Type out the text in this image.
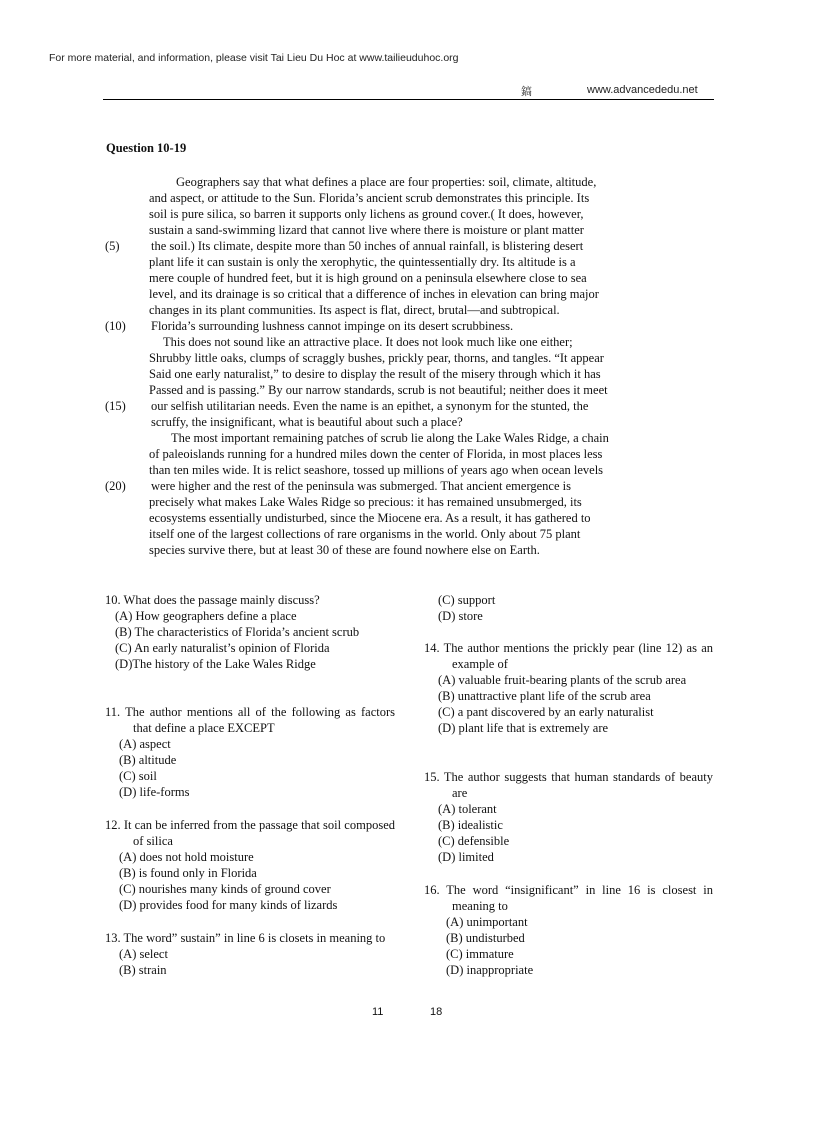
For more material, and information, please visit Tai Lieu Du Hoc at www.tailieuduhoc.org
鎬	www.advancededu.net
Question 10-19
Geographers say that what defines a place are four properties: soil, climate, altitude,
and aspect, or attitude to the Sun. Florida’s ancient scrub demonstrates this principle. Its
soil is pure silica, so barren it supports only lichens as ground cover.( It does, however,
sustain a sand-swimming lizard that cannot live where there is moisture or plant matter
the soil.) Its climate, despite more than 50 inches of annual rainfall, is blistering desert
plant life it can sustain is only the xerophytic, the quintessentially dry. Its altitude is a
mere couple of hundred feet, but it is high ground on a peninsula elsewhere close to sea
level, and its drainage is so critical that a difference of inches in elevation can bring major
changes in its plant communities. Its aspect is flat, direct, brutal—and subtropical.
Florida’s surrounding lushness cannot impinge on its desert scrubbiness.
This does not sound like an attractive place. It does not look much like one either;
Shrubby little oaks, clumps of scraggly bushes, prickly pear, thorns, and tangles. “It appear
Said one early naturalist,” to desire to display the result of the misery through which it has
Passed and is passing.” By our narrow standards, scrub is not beautiful; neither does it meet
our selfish utilitarian needs. Even the name is an epithet, a synonym for the stunted, the
scruffy, the insignificant, what is beautiful about such a place?
The most important remaining patches of scrub lie along the Lake Wales Ridge, a chain
of paleoislands running for a hundred miles down the center of Florida, in most places less
than ten miles wide. It is relict seashore, tossed up millions of years ago when ocean levels
were higher and the rest of the peninsula was submerged. That ancient emergence is
precisely what makes Lake Wales Ridge so precious: it has remained unsubmerged, its
ecosystems essentially undisturbed, since the Miocene era. As a result, it has gathered to
itself one of the largest collections of rare organisms in the world. Only about 75 plant
species survive there, but at least 30 of these are found nowhere else on Earth.
(5)
(10)
(15)
(20)
10. What does the passage mainly discuss?
(A) How geographers define a place
(B) The characteristics of Florida’s ancient scrub
(C) An early naturalist’s opinion of Florida
(D)The history of the Lake Wales Ridge
11. The author mentions all of the following as factors that define a place EXCEPT
(A) aspect
(B) altitude
(C) soil
(D) life-forms
12. It can be inferred from the passage that soil composed of silica
(A) does not hold moisture
(B) is found only in Florida
(C) nourishes many kinds of ground cover
(D) provides food for many kinds of lizards
13. The word” sustain” in line 6 is closets in meaning to
(A) select
(B) strain
(C) support
(D) store
14. The author mentions the prickly pear (line 12) as an example of
(A) valuable fruit-bearing plants of the scrub area
(B) unattractive plant life of the scrub area
(C) a pant discovered by an early naturalist
(D) plant life that is extremely are
15. The author suggests that human standards of beauty are
(A) tolerant
(B) idealistic
(C) defensible
(D) limited
16. The word “insignificant” in line 16 is closest in meaning to
(A) unimportant
(B) undisturbed
(C) immature
(D) inappropriate
11	18
